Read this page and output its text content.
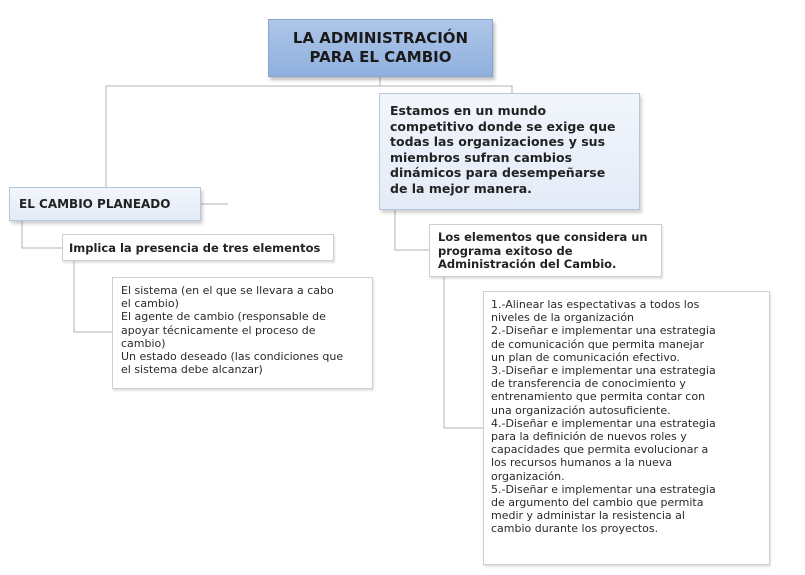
LA ADMINISTRACIÓN
PARA EL CAMBIO
EL CAMBIO PLANEADO
Estamos en un mundo
competitivo donde se exige que
todas las organizaciones y sus
miembros sufran cambios
dinámicos para desempeñarse
de la mejor manera.
Implica la presencia de tres elementos
Los elementos que considera un
programa exitoso de
Administración del Cambio.
El sistema (en el que se llevara a cabo
el cambio)
El agente de cambio (responsable de
apoyar técnicamente el proceso de
cambio)
Un estado deseado (las condiciones que
el sistema debe alcanzar)
1.-Alinear las espectativas a todos los
niveles de la organización
2.-Diseñar e implementar una estrategia
de comunicación que permita manejar
un plan de comunicación efectivo.
3.-Diseñar e implementar una estrategia
de transferencia de conocimiento y
entrenamiento que permita contar con
una organización autosuficiente.
4.-Diseñar e implementar una estrategia
para la definición de nuevos roles y
capacidades que permita evolucionar a
los recursos humanos a la nueva
organización.
5.-Diseñar e implementar una estrategia
de argumento del cambio que permita
medir y administar la resistencia al
cambio durante los proyectos.
